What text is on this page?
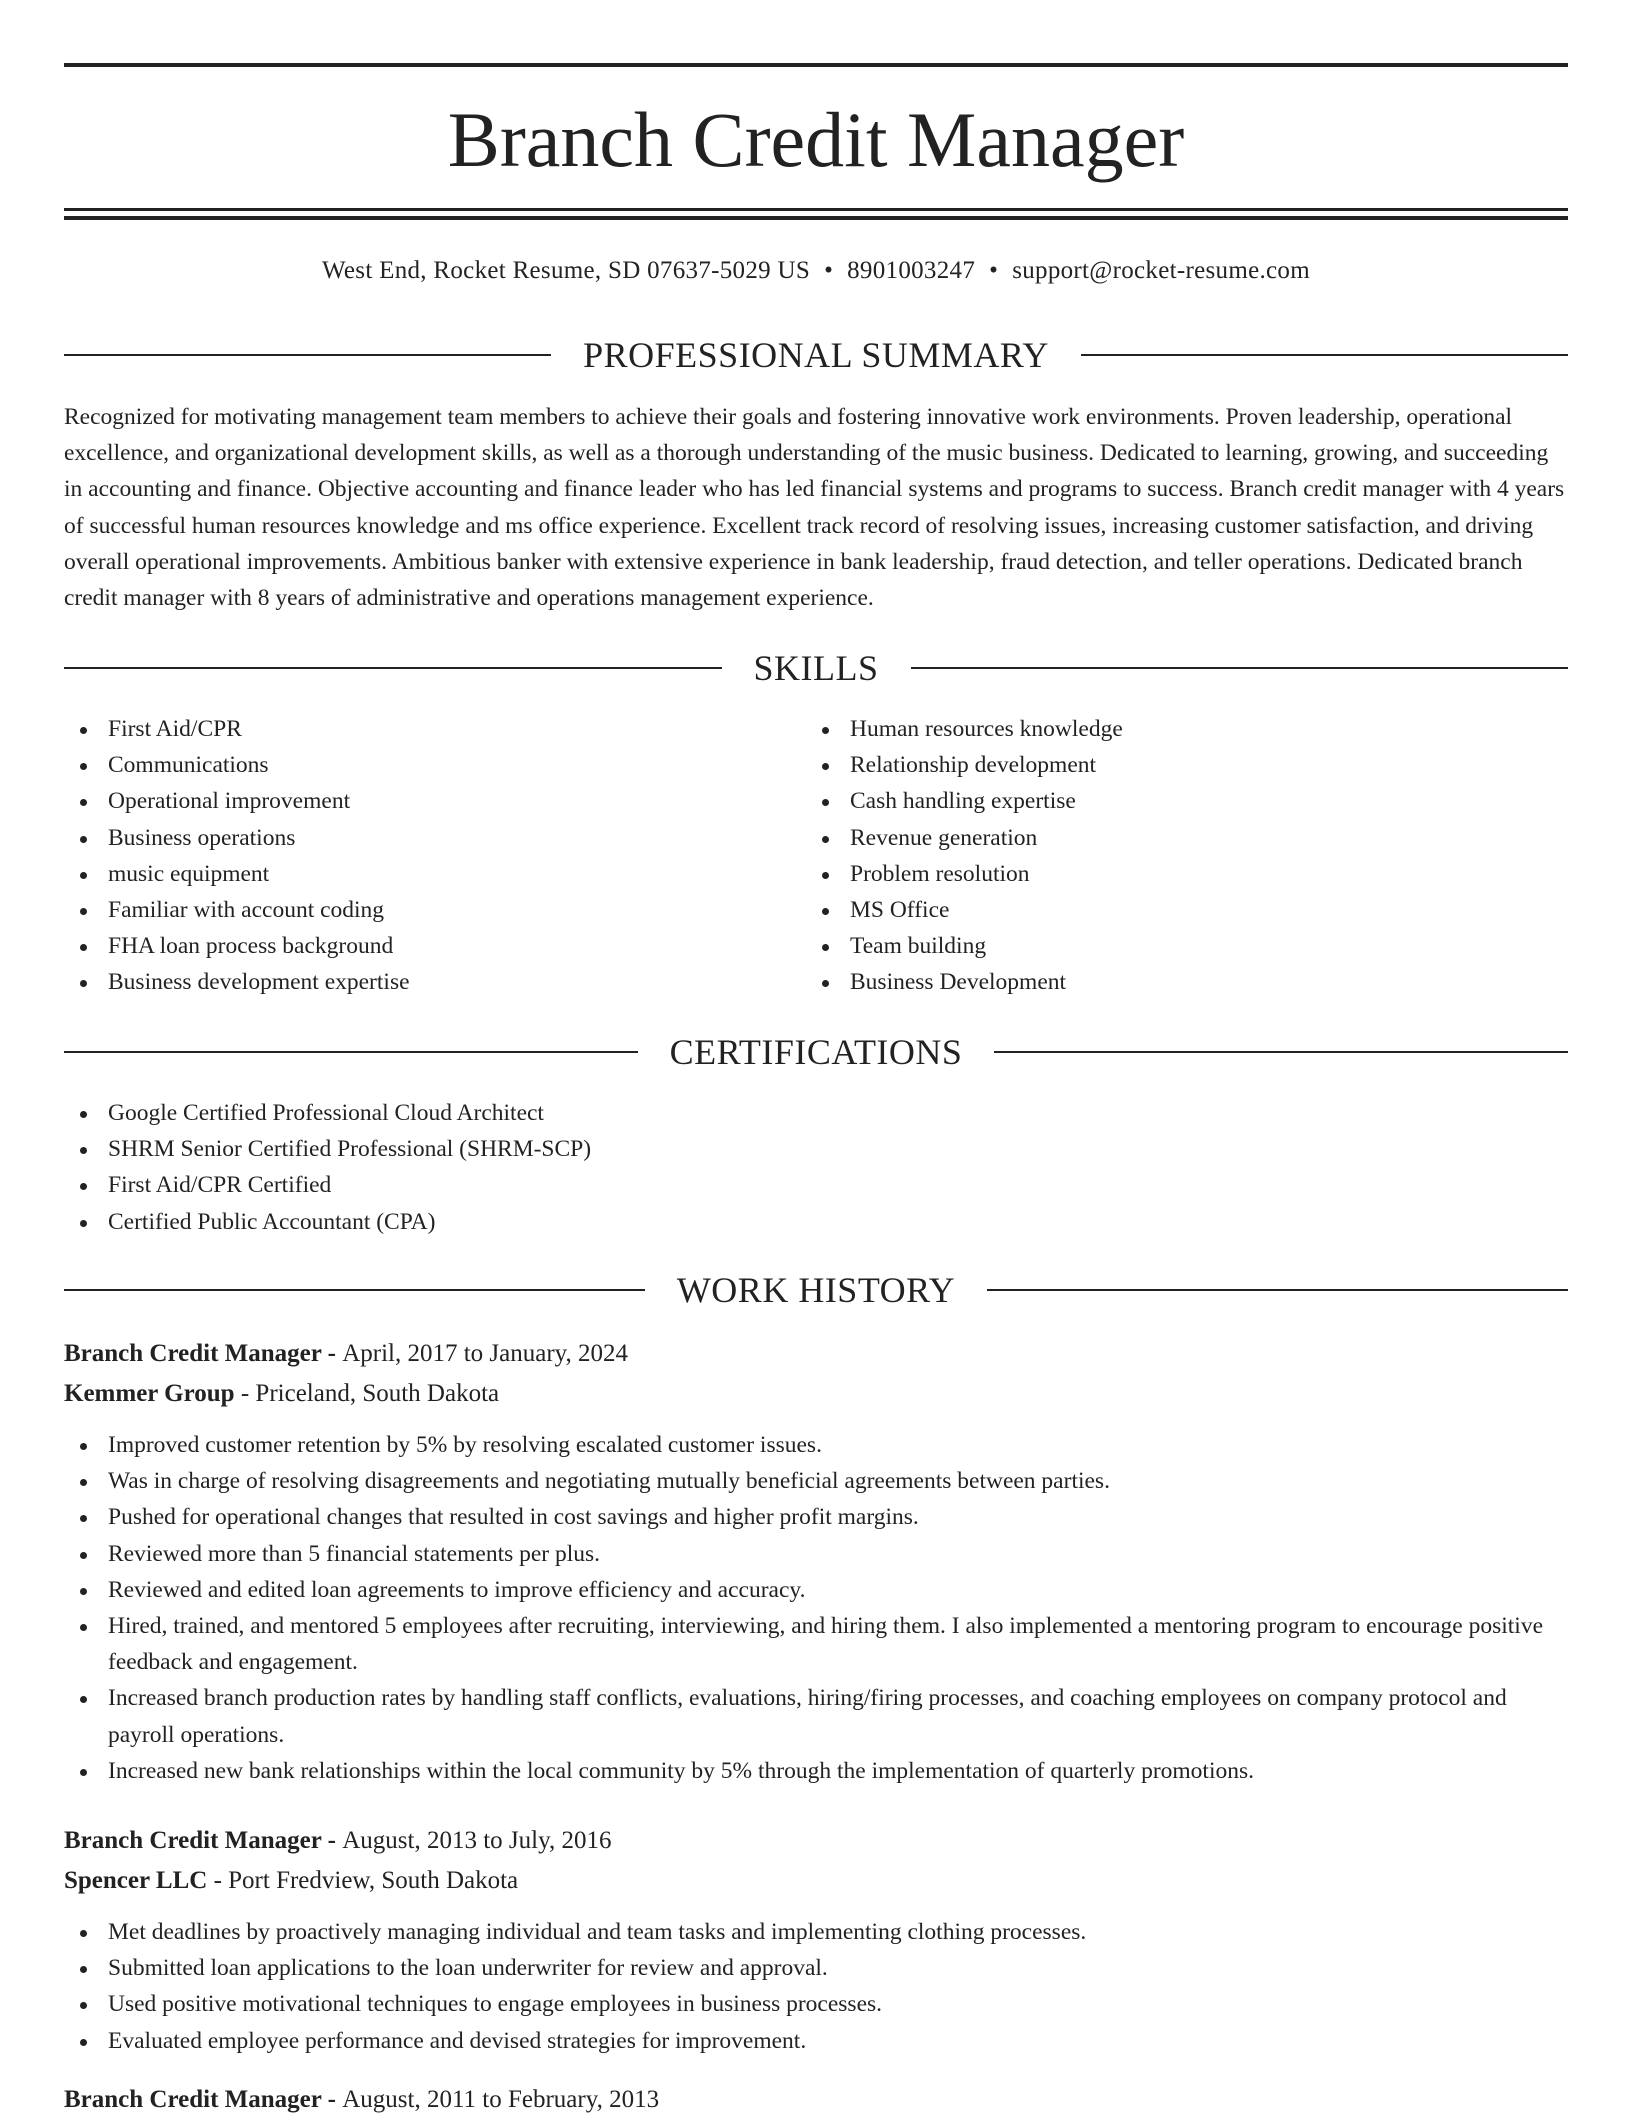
Branch Credit Manager
West End, Rocket Resume, SD 07637-5029 US • 8901003247 • support@rocket-resume.com
PROFESSIONAL SUMMARY

Recognized for motivating management team members to achieve their goals and fostering innovative work environments. Proven leadership, operational excellence, and organizational development skills, as well as a thorough understanding of the music business. Dedicated to learning, growing, and succeeding in accounting and finance. Objective accounting and finance leader who has led financial systems and programs to success. Branch credit manager with 4 years of successful human resources knowledge and ms office experience. Excellent track record of resolving issues, increasing customer satisfaction, and driving overall operational improvements. Ambitious banker with extensive experience in bank leadership, fraud detection, and teller operations. Dedicated branch credit manager with 8 years of administrative and operations management experience.

SKILLS
First Aid/CPR
Communications
Operational improvement
Business operations
music equipment
Familiar with account coding
FHA loan process background
Business development expertise
Human resources knowledge
Relationship development
Cash handling expertise
Revenue generation
Problem resolution
MS Office
Team building
Business Development
CERTIFICATIONS
Google Certified Professional Cloud Architect
SHRM Senior Certified Professional (SHRM-SCP)
First Aid/CPR Certified
Certified Public Accountant (CPA)
WORK HISTORY
Branch Credit Manager - April, 2017 to January, 2024
Kemmer Group - Priceland, South Dakota
Improved customer retention by 5% by resolving escalated customer issues.
Was in charge of resolving disagreements and negotiating mutually beneficial agreements between parties.
Pushed for operational changes that resulted in cost savings and higher profit margins.
Reviewed more than 5 financial statements per plus.
Reviewed and edited loan agreements to improve efficiency and accuracy.
Hired, trained, and mentored 5 employees after recruiting, interviewing, and hiring them. I also implemented a mentoring program to encourage positive feedback and engagement.
Increased branch production rates by handling staff conflicts, evaluations, hiring/firing processes, and coaching employees on company protocol and payroll operations.
Increased new bank relationships within the local community by 5% through the implementation of quarterly promotions.
Branch Credit Manager - August, 2013 to July, 2016
Spencer LLC - Port Fredview, South Dakota
Met deadlines by proactively managing individual and team tasks and implementing clothing processes.
Submitted loan applications to the loan underwriter for review and approval.
Used positive motivational techniques to engage employees in business processes.
Evaluated employee performance and devised strategies for improvement.
Branch Credit Manager - August, 2011 to February, 2013
